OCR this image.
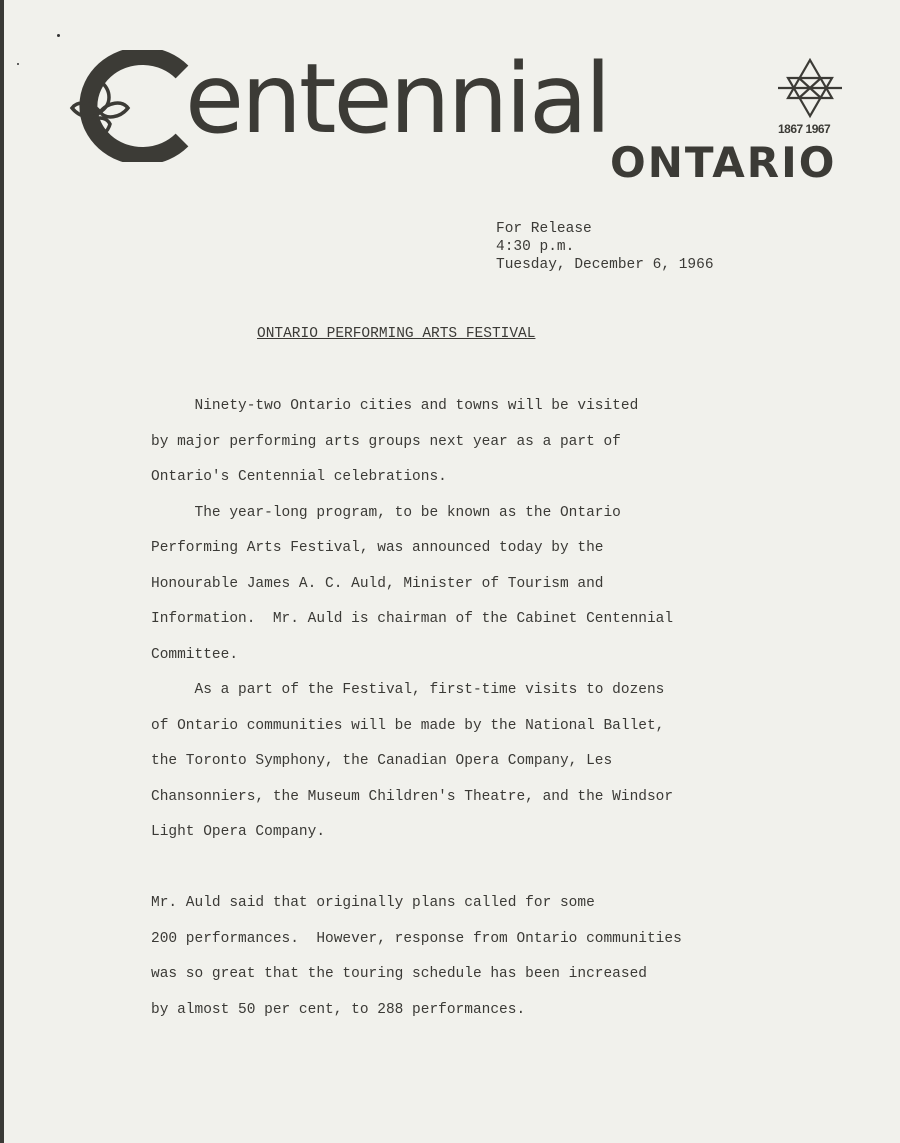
entennial
ONTARIO
1867 1967
For Release
4:30 p.m.
Tuesday, December 6, 1966
ONTARIO PERFORMING ARTS FESTIVAL
Ninety-two Ontario cities and towns will be visited
by major performing arts groups next year as a part of
Ontario's Centennial celebrations.
The year-long program, to be known as the Ontario
Performing Arts Festival, was announced today by the
Honourable James A. C. Auld, Minister of Tourism and
Information.  Mr. Auld is chairman of the Cabinet Centennial
Committee.
As a part of the Festival, first-time visits to dozens
of Ontario communities will be made by the National Ballet,
the Toronto Symphony, the Canadian Opera Company, Les
Chansonniers, the Museum Children's Theatre, and the Windsor
Light Opera Company.
Mr. Auld said that originally plans called for some
200 performances.  However, response from Ontario communities
was so great that the touring schedule has been increased
by almost 50 per cent, to 288 performances.
